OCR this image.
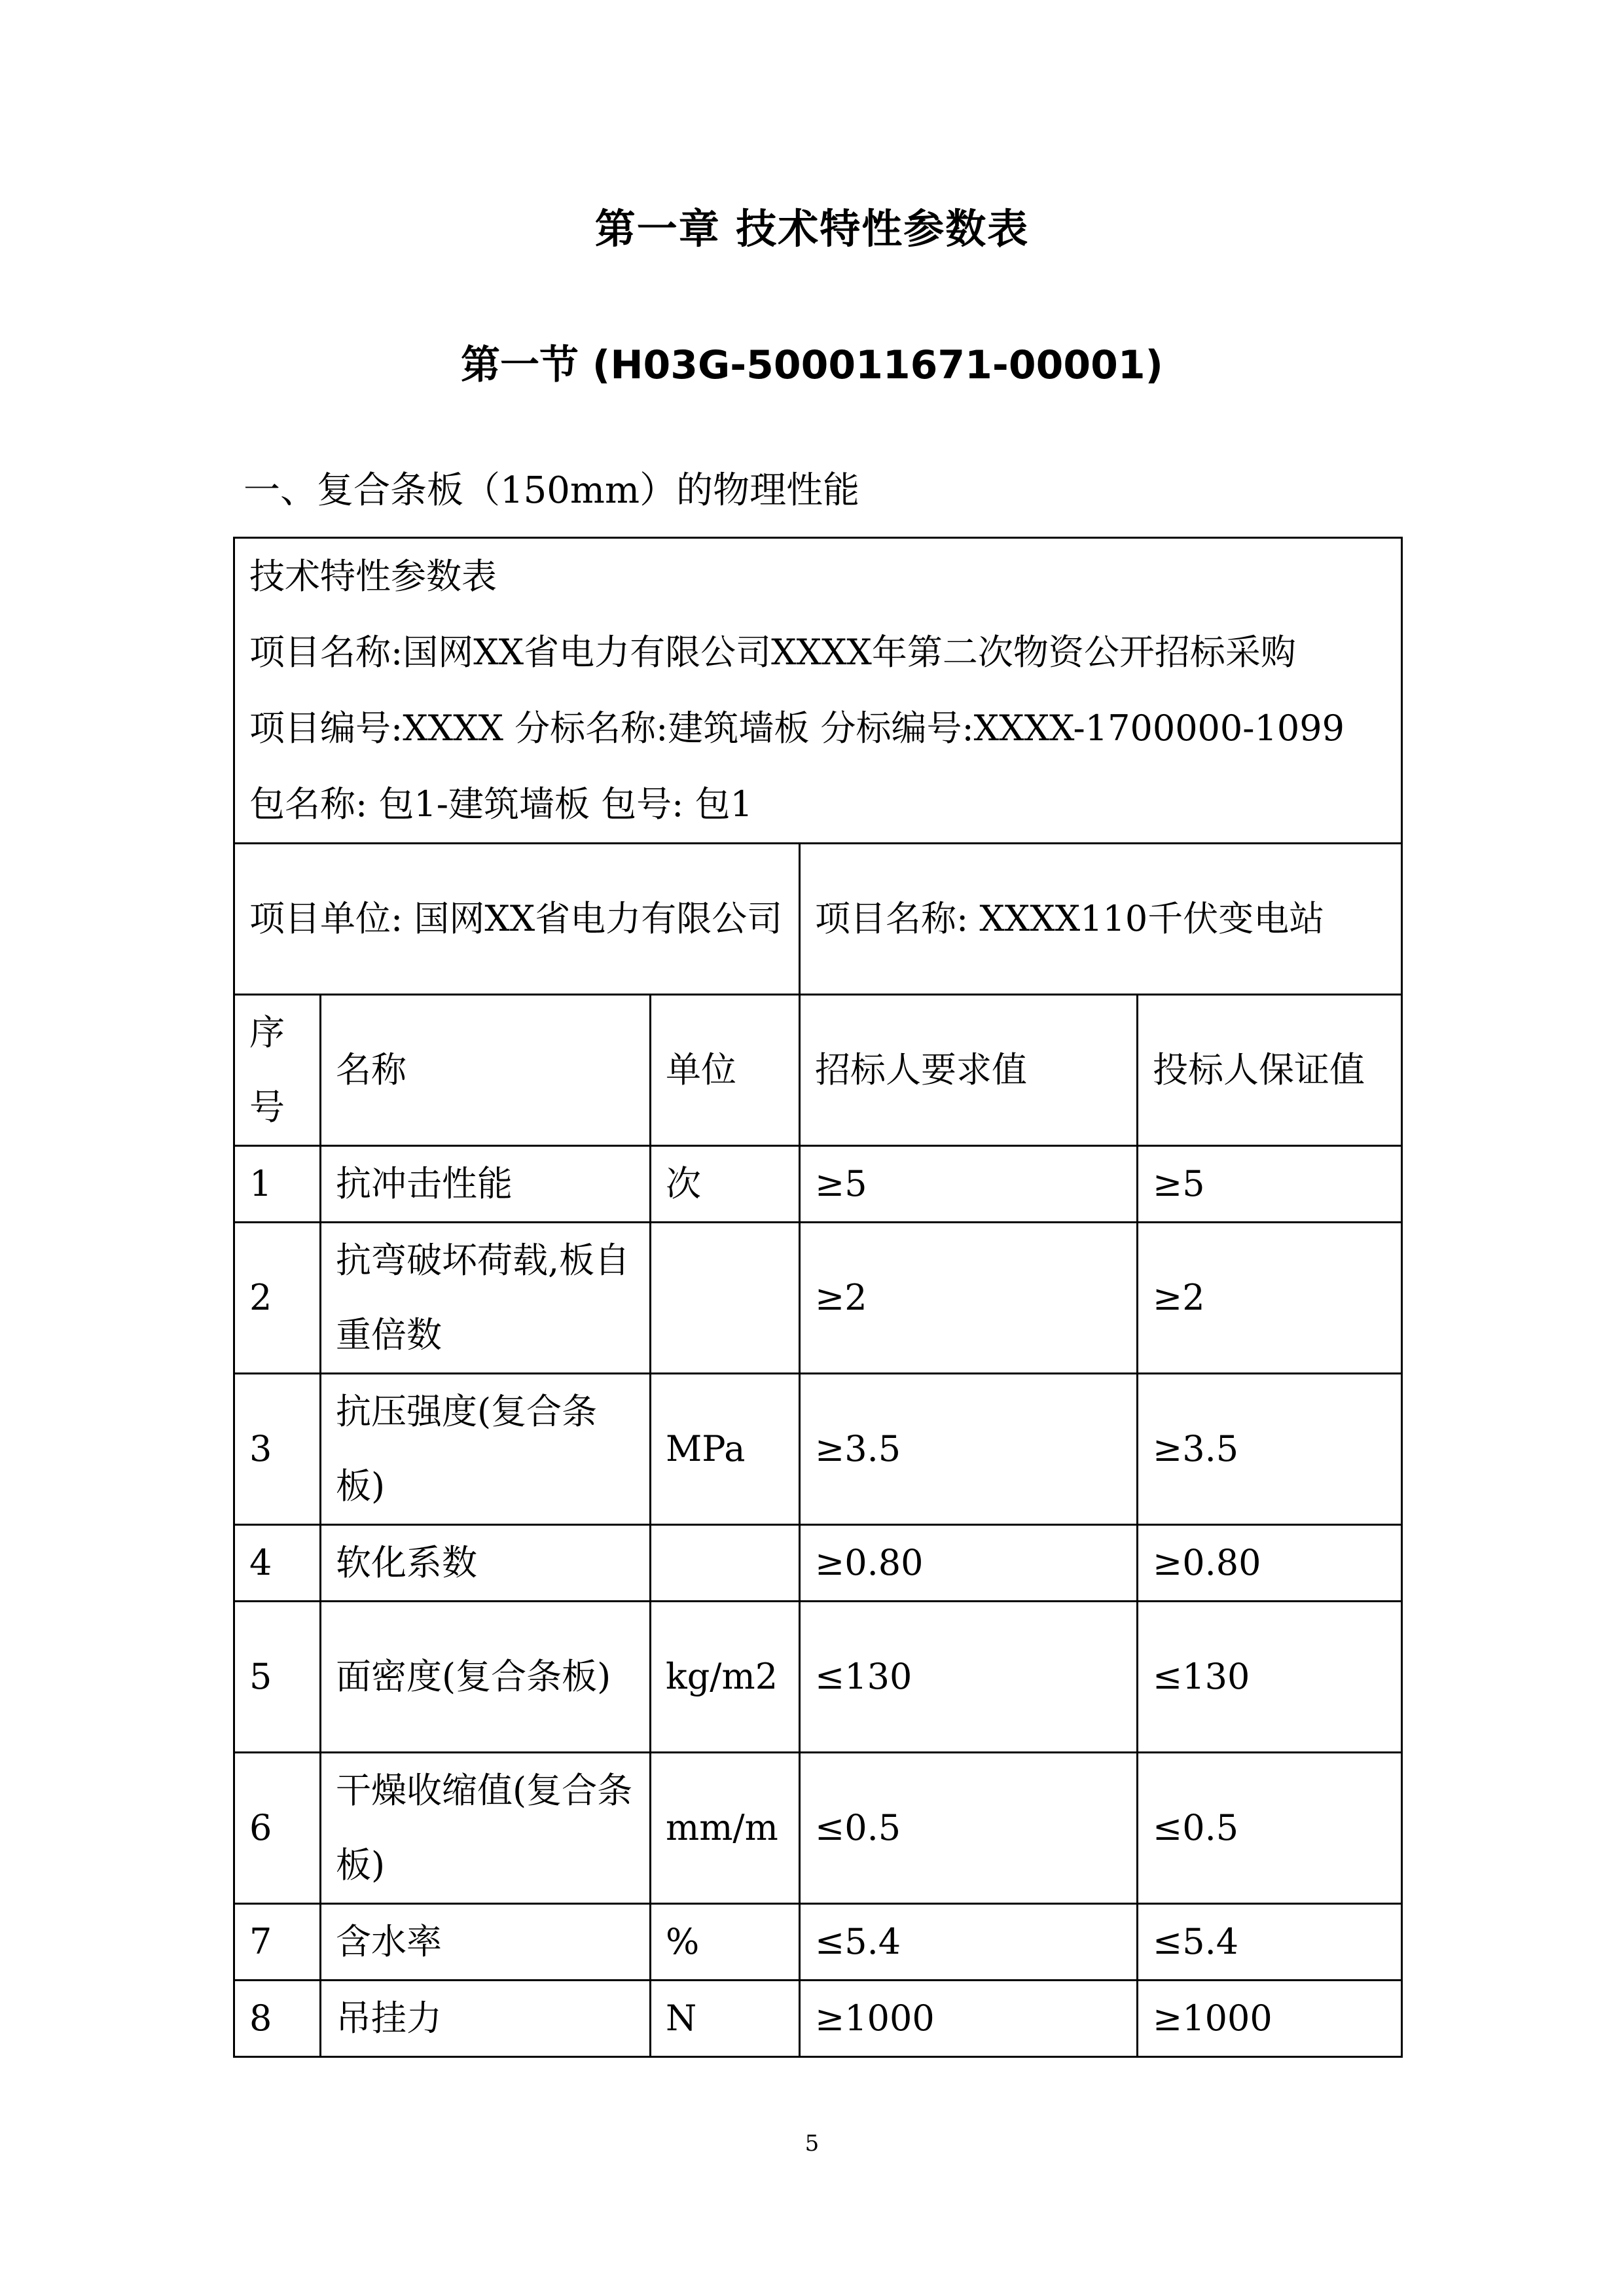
第一章 技术特性参数表
第一节 (H03G-500011671-00001)
一、复合条板（150mm）的物理性能
技术特性参数表
项目名称:国网XX省电力有限公司XXXX年第二次物资公开招标采购
项目编号:XXXX 分标名称:建筑墙板 分标编号:XXXX-1700000-1099
包名称: 包1-建筑墙板 包号: 包1				

项目单位: 国网XX省电力有限公司			项目名称: XXXX110千伏变电站	
序号	名称	单位	招标人要求值	投标人保证值
1	抗冲击性能	次	≥5	≥5
2	抗弯破坏荷载,板自重倍数		≥2	≥2
3	抗压强度(复合条板)	MPa	≥3.5	≥3.5
4	软化系数		≥0.80	≥0.80
5	面密度(复合条板)	kg/m2	≤130	≤130
6	干燥收缩值(复合条板)	mm/m	≤0.5	≤0.5
7	含水率	%	≤5.4	≤5.4
8	吊挂力	N	≥1000	≥1000
5
